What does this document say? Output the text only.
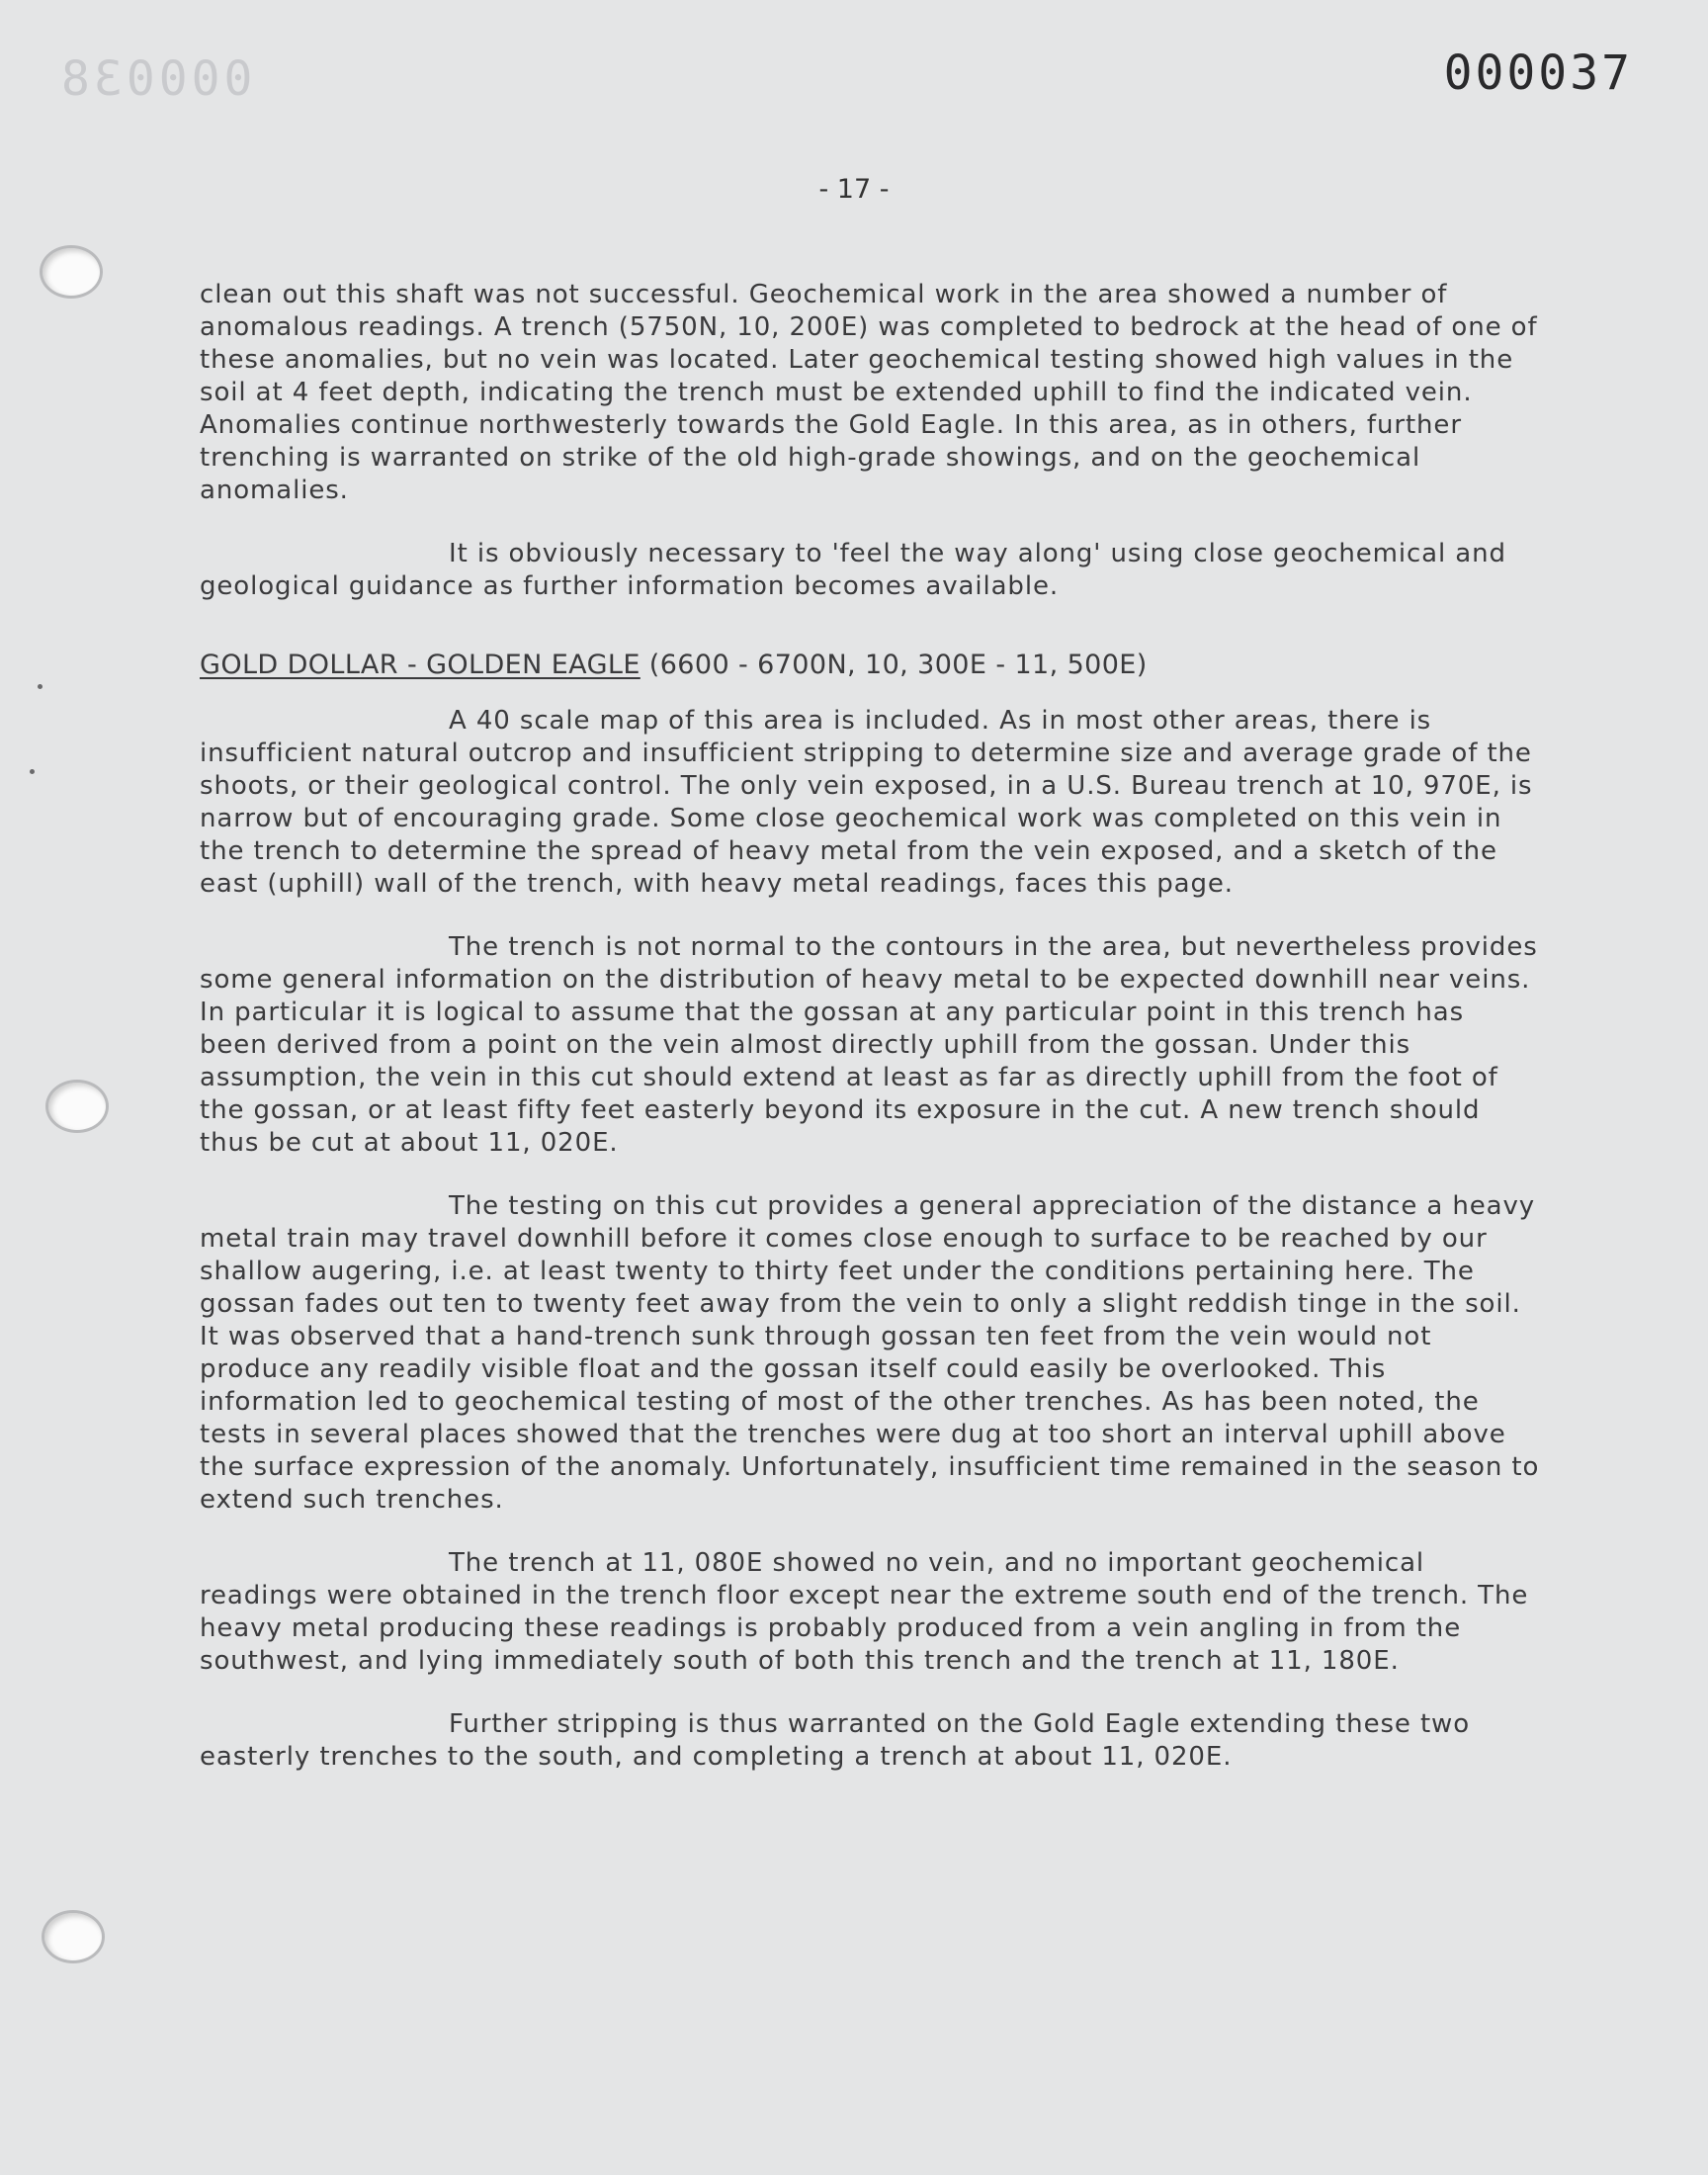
000038	000037
- 17 -

clean out this shaft was not successful. Geochemical work in the area showed a number of anomalous readings. A trench (5750N, 10, 200E) was completed to bedrock at the head of one of these anomalies, but no vein was located. Later geochemical testing showed high values in the soil at 4 feet depth, indicating the trench must be extended uphill to find the indicated vein. Anomalies continue northwesterly towards the Gold Eagle. In this area, as in others, further trenching is warranted on strike of the old high-grade showings, and on the geochemical anomalies.

It is obviously necessary to 'feel the way along' using close geochemical and geological guidance as further information becomes available.

GOLD DOLLAR - GOLDEN EAGLE (6600 - 6700N, 10, 300E - 11, 500E)

A 40 scale map of this area is included. As in most other areas, there is insufficient natural outcrop and insufficient stripping to determine size and average grade of the shoots, or their geological control. The only vein exposed, in a U.S. Bureau trench at 10, 970E, is narrow but of encouraging grade. Some close geochemical work was completed on this vein in the trench to determine the spread of heavy metal from the vein exposed, and a sketch of the east (uphill) wall of the trench, with heavy metal readings, faces this page.

The trench is not normal to the contours in the area, but nevertheless provides some general information on the distribution of heavy metal to be expected downhill near veins. In particular it is logical to assume that the gossan at any particular point in this trench has been derived from a point on the vein almost directly uphill from the gossan. Under this assumption, the vein in this cut should extend at least as far as directly uphill from the foot of the gossan, or at least fifty feet easterly beyond its exposure in the cut. A new trench should thus be cut at about 11, 020E.

The testing on this cut provides a general appreciation of the distance a heavy metal train may travel downhill before it comes close enough to surface to be reached by our shallow augering, i.e. at least twenty to thirty feet under the conditions pertaining here. The gossan fades out ten to twenty feet away from the vein to only a slight reddish tinge in the soil. It was observed that a hand-trench sunk through gossan ten feet from the vein would not produce any readily visible float and the gossan itself could easily be overlooked. This information led to geochemical testing of most of the other trenches. As has been noted, the tests in several places showed that the trenches were dug at too short an interval uphill above the surface expression of the anomaly. Unfortunately, insufficient time remained in the season to extend such trenches.

The trench at 11, 080E showed no vein, and no important geochemical readings were obtained in the trench floor except near the extreme south end of the trench. The heavy metal producing these readings is probably produced from a vein angling in from the southwest, and lying immediately south of both this trench and the trench at 11, 180E.

Further stripping is thus warranted on the Gold Eagle extending these two easterly trenches to the south, and completing a trench at about 11, 020E.
